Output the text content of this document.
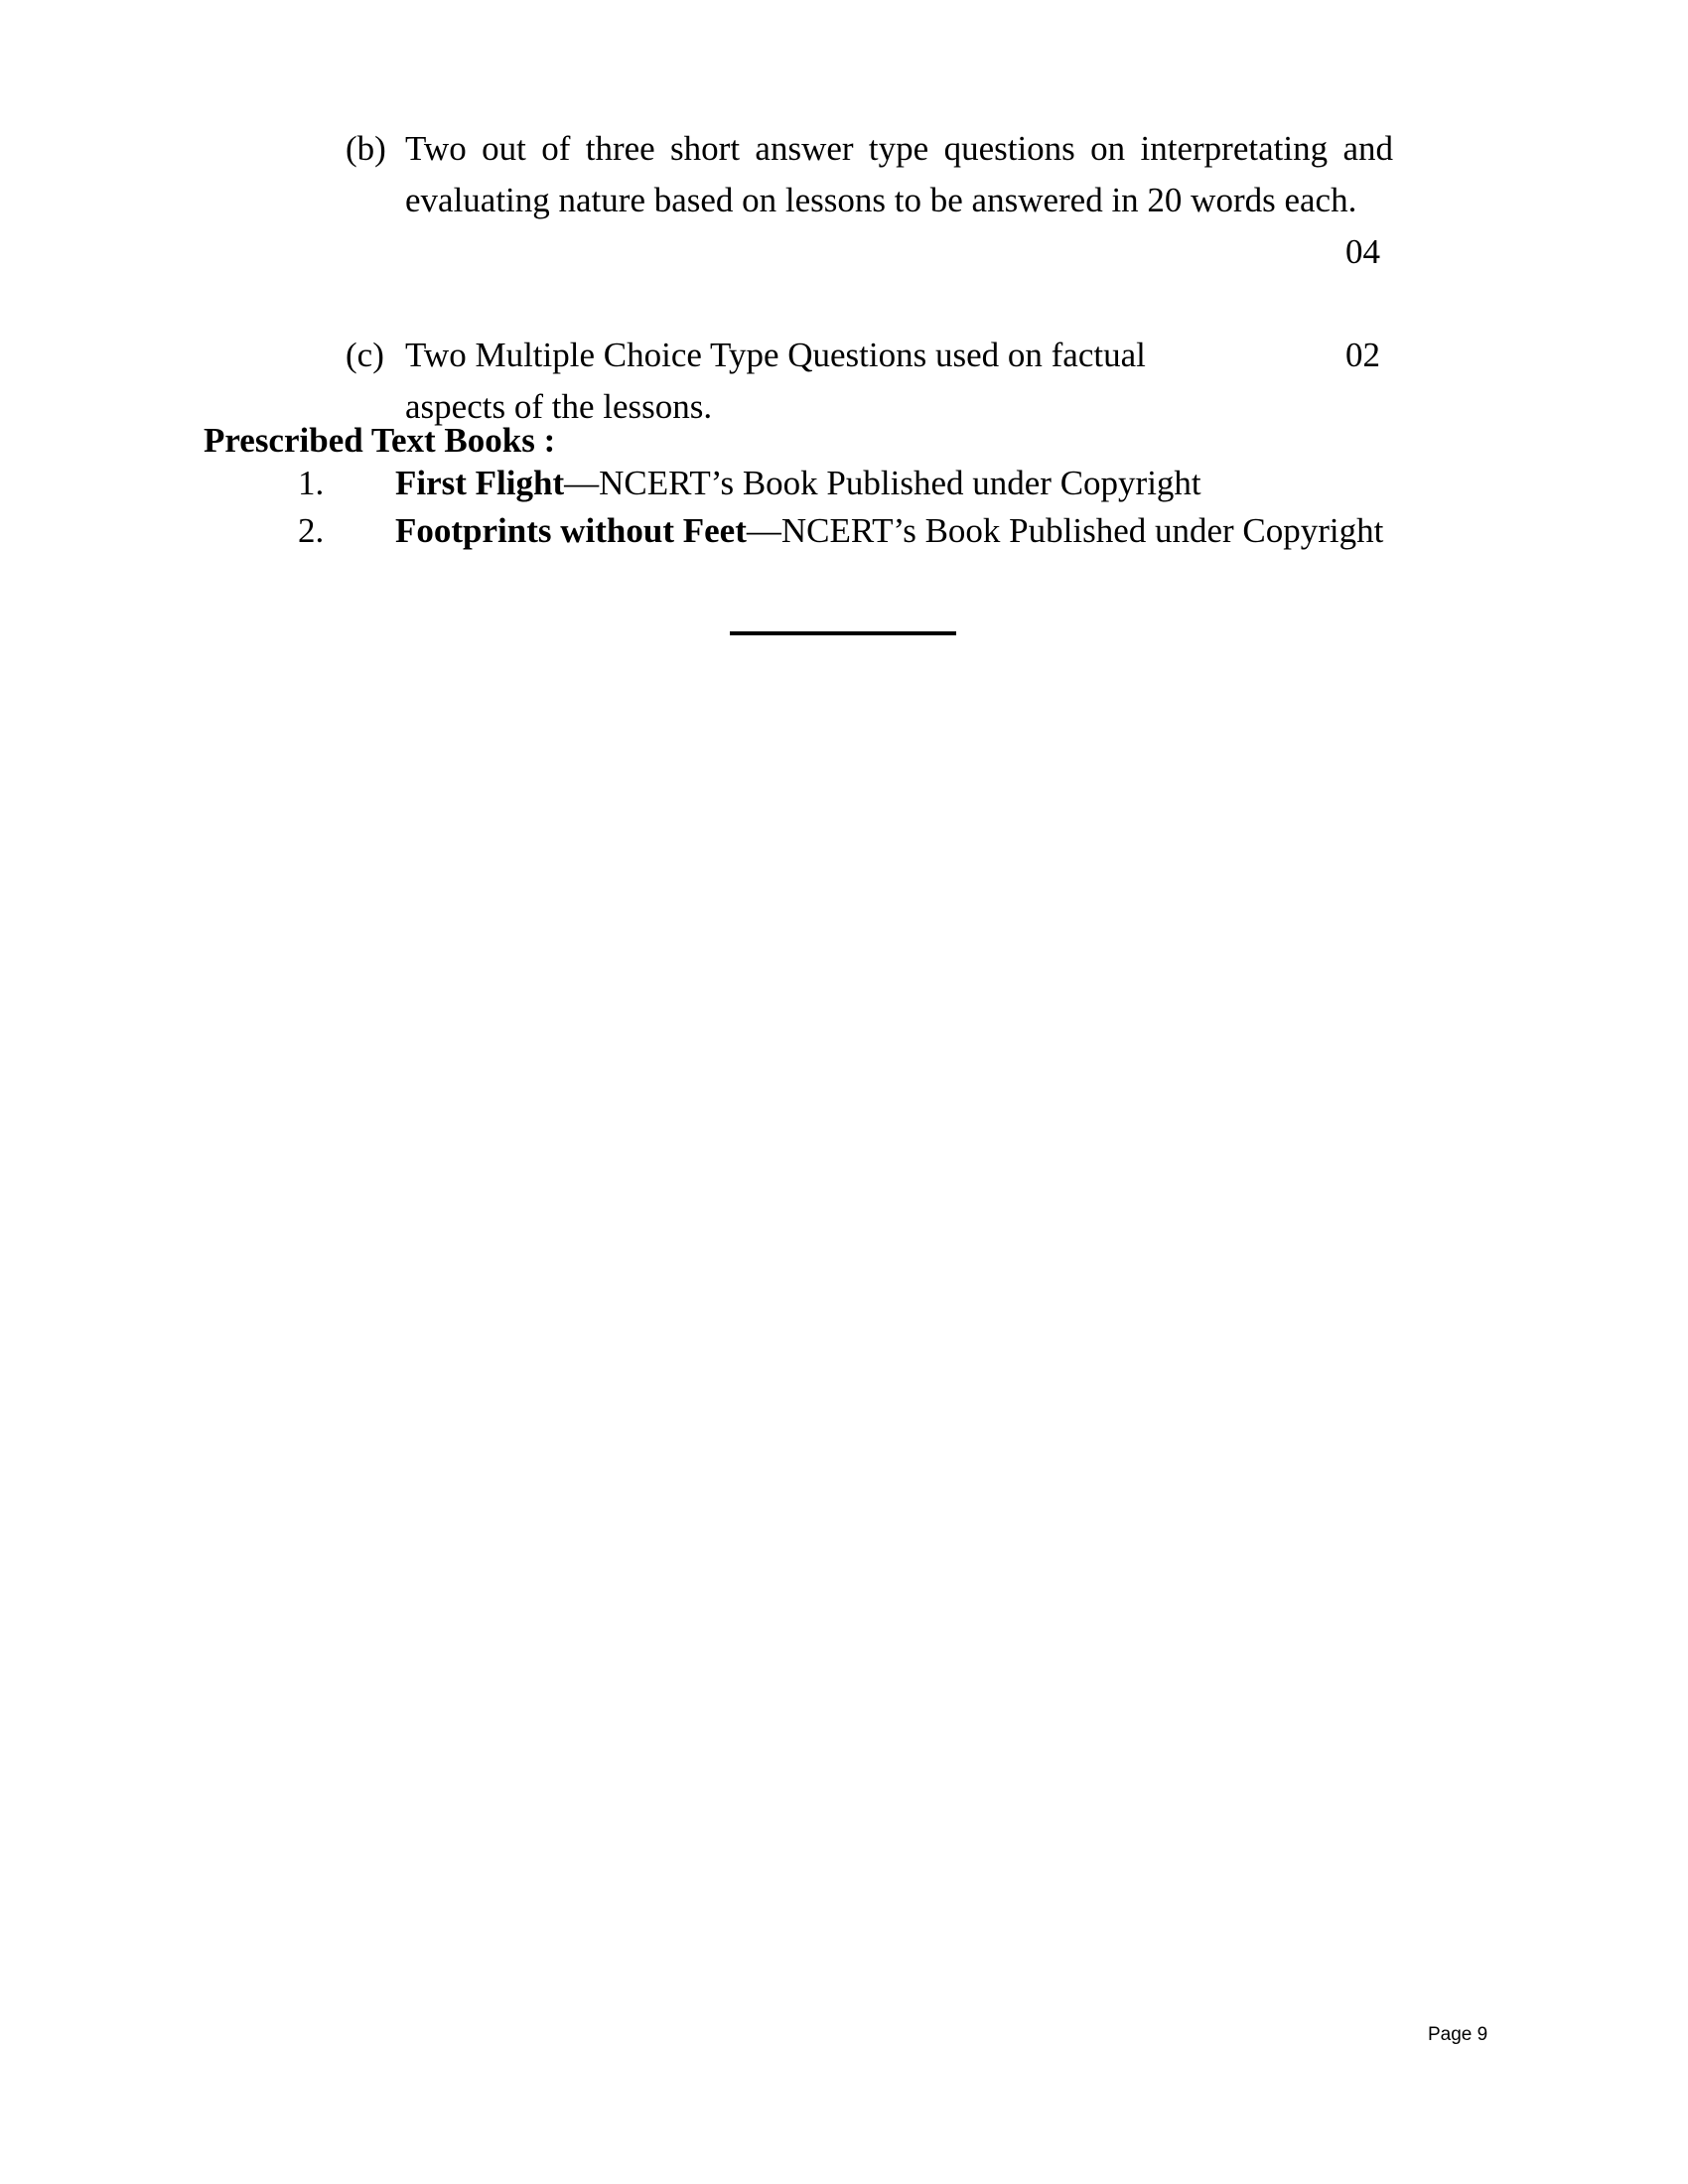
(b) Two out of three short answer type questions on interpretating and evaluating nature based on lessons to be answered in 20 words each.

04
(c) Two Multiple Choice Type Questions used on factual

aspects of the lessons.

02
Prescribed Text Books :
1.	First Flight—NCERT’s Book Published under Copyright
2.	Footprints without Feet—NCERT’s Book Published under Copyright
Page 9
